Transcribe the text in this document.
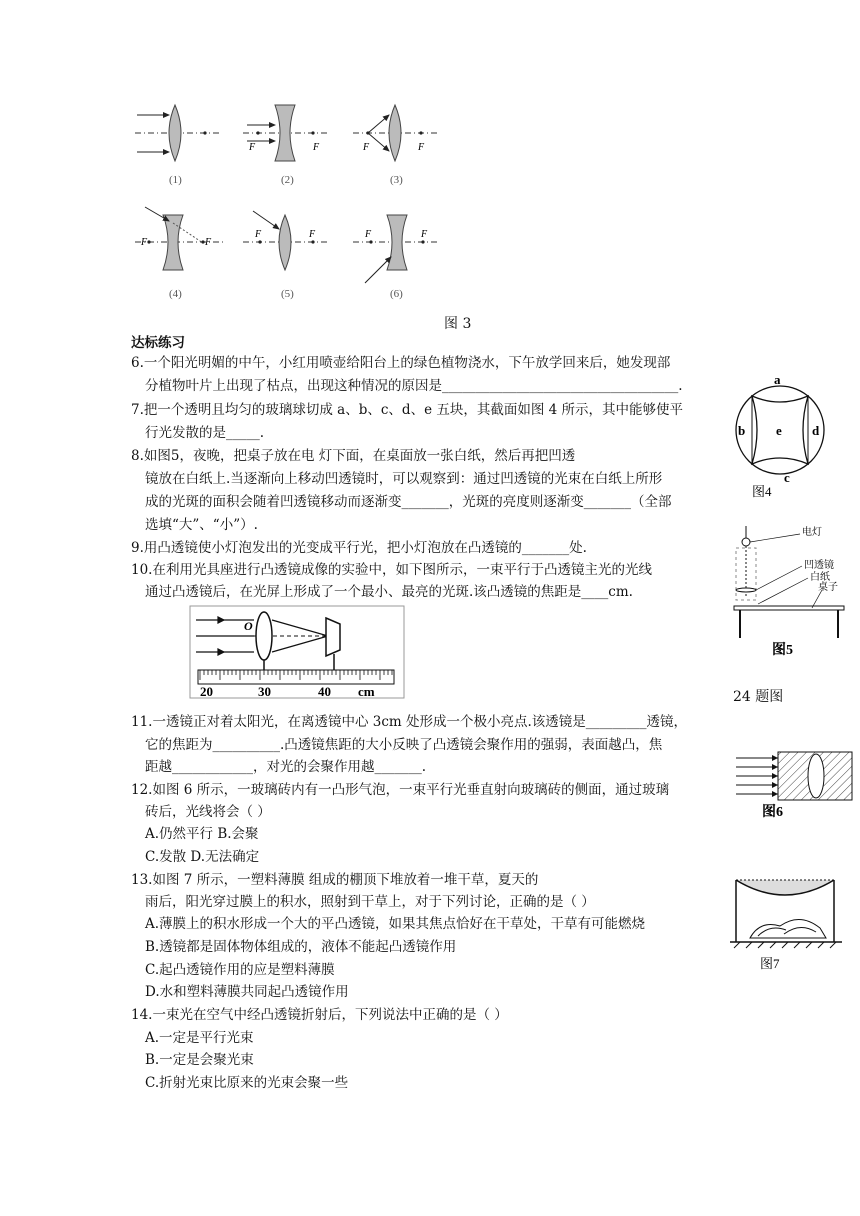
F	F	F	F
F	F
F	F	F	F
(1)	(2)	(3)
(4)	(5)	(6)
图 3
达标练习
6.一个阳光明媚的中午，小红用喷壶给阳台上的绿色植物浇水，下午放学回来后，她发现部
分植物叶片上出现了枯点，出现这种情况的原因是___________________________________.
7.把一个透明且均匀的玻璃球切成 a、b、c、d、e 五块，其截面如图 4 所示，其中能够使平
行光发散的是_____.
8.如图5，夜晚，把桌子放在电 灯下面，在桌面放一张白纸，然后再把凹透
镜放在白纸上.当逐渐向上移动凹透镜时，可以观察到：通过凹透镜的光束在白纸上所形
成的光斑的面积会随着凹透镜移动而逐渐变_______，光斑的亮度则逐渐变_______（全部
选填“大”、“小”）.
9.用凸透镜使小灯泡发出的光变成平行光，把小灯泡放在凸透镜的_______处.
10.在利用光具座进行凸透镜成像的实验中，如下图所示，一束平行于凸透镜主光的光线
通过凸透镜后，在光屏上形成了一个最小、最亮的光斑.该凸透镜的焦距是____cm.
O
20	30	40 cm
11.一透镜正对着太阳光，在离透镜中心 3cm 处形成一个极小亮点.该透镜是_________透镜，
它的焦距为__________.凸透镜焦距的大小反映了凸透镜会聚作用的强弱，表面越凸，焦
距越____________，对光的会聚作用越_______.
12.如图 6 所示，一玻璃砖内有一凸形气泡，一束平行光垂直射向玻璃砖的侧面，通过玻璃
砖后，光线将会（ ）
A.仍然平行 B.会聚
C.发散 D.无法确定
13.如图 7 所示，一塑料薄膜 组成的棚顶下堆放着一堆干草，夏天的
雨后，阳光穿过膜上的积水，照射到干草上，对于下列讨论，正确的是（ ）
A.薄膜上的积水形成一个大的平凸透镜，如果其焦点恰好在干草处，干草有可能燃烧
B.透镜都是固体物体组成的，液体不能起凸透镜作用
C.起凸透镜作用的应是塑料薄膜
D.水和塑料薄膜共同起凸透镜作用
14.一束光在空气中经凸透镜折射后，下列说法中正确的是（ ）
A.一定是平行光束
B.一定是会聚光束
C.折射光束比原来的光束会聚一些
a
b e d
c
图4
电灯
凹透镜
白纸
桌子
图5
24 题图
图6
图7
